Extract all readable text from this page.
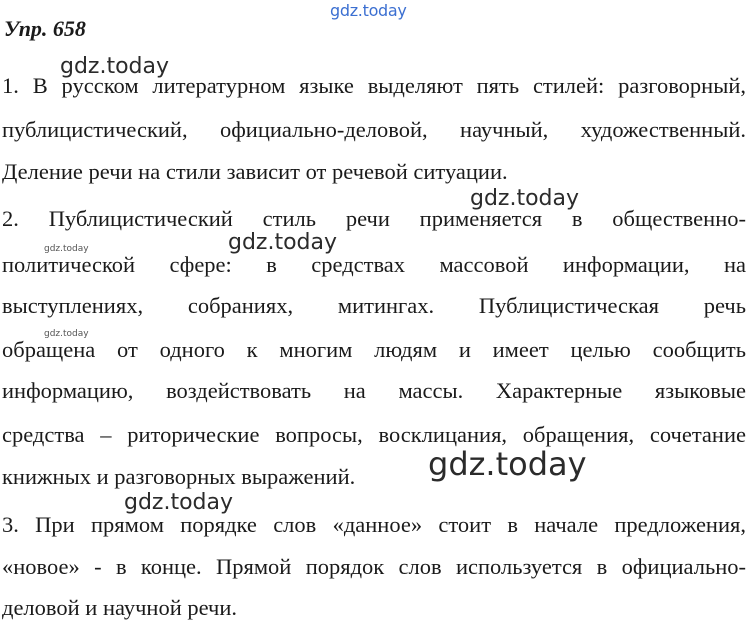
gdz.today
Упр. 658
1. В русском литературном языке выделяют пять стилей: разговорный,
публицистический, официально-деловой, научный, художественный.
Деление речи на стили зависит от речевой ситуации.
2. Публицистический стиль речи применяется в общественно-
политической сфере: в средствах массовой информации, на
выступлениях, собраниях, митингах. Публицистическая речь
обращена от одного к многим людям и имеет целью сообщить
информацию, воздействовать на массы. Характерные языковые
средства – риторические вопросы, восклицания, обращения, сочетание
книжных и разговорных выражений.
3. При прямом порядке слов «данное» стоит в начале предложения,
«новое» - в конце. Прямой порядок слов используется в официально-
деловой и научной речи.
gdz.today
gdz.today
gdz.today
gdz.today
gdz.today
gdz.today
gdz.today
